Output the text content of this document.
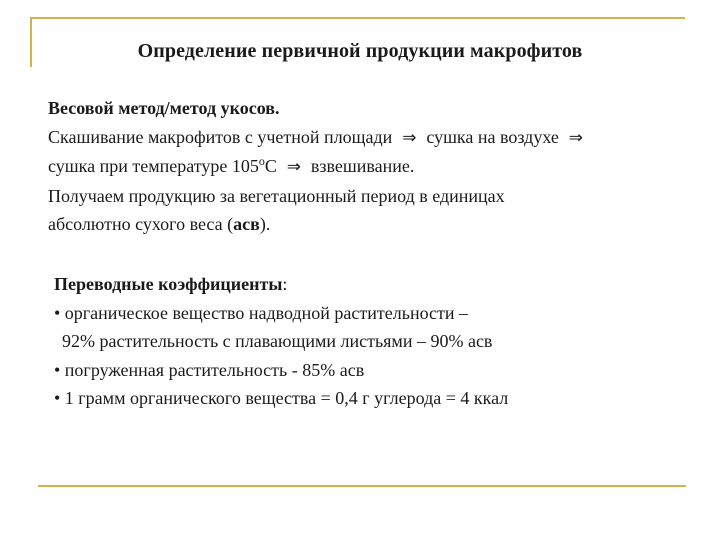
Определение первичной продукции макрофитов
Весовой метод/метод укосов.
Скашивание макрофитов с учетной площади ⇒ сушка на воздухе ⇒
сушка при температуре $105^оС$ ⇒ взвешивание.
Получаем продукцию за вегетационный период в единицах
абсолютно сухого веса (асв).
Переводные коэффициенты:
• органическое вещество надводной растительности –
92% растительность с плавающими листьями – 90% асв
• погруженная растительность - 85% асв
• 1 грамм органического вещества = 0,4 г углерода = 4 ккал
